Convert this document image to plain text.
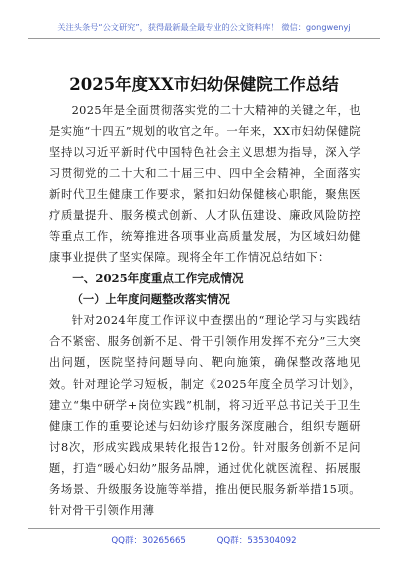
关注头条号“公文研究”，获得最新最全最专业的公文资料库！ 微信：gongwenyj
2025年度XX市妇幼保健院工作总结

2025年是全面贯彻落实党的二十大精神的关键之年，也是实施“十四五”规划的收官之年。一年来，XX市妇幼保健院坚持以习近平新时代中国特色社会主义思想为指导，深入学习贯彻党的二十大和二十届三中、四中全会精神，全面落实新时代卫生健康工作要求，紧扣妇幼保健核心职能，聚焦医疗质量提升、服务模式创新、人才队伍建设、廉政风险防控等重点工作，统筹推进各项事业高质量发展，为区域妇幼健康事业提供了坚实保障。现将全年工作情况总结如下：

一、2025年度重点工作完成情况

（一）上年度问题整改落实情况

针对2024年度工作评议中查摆出的“理论学习与实践结合不紧密、服务创新不足、骨干引领作用发挥不充分”三大突出问题，医院坚持问题导向、靶向施策，确保整改落地见效。针对理论学习短板，制定《2025年度全员学习计划》，建立“集中研学+岗位实践”机制，将习近平总书记关于卫生健康工作的重要论述与妇幼诊疗服务深度融合，组织专题研讨8次，形成实践成果转化报告12份。针对服务创新不足问题，打造“暖心妇幼”服务品牌，通过优化就医流程、拓展服务场景、升级服务设施等举措，推出便民服务新举措15项。针对骨干引领作用薄

QQ群：30265665	QQ群：535304092
